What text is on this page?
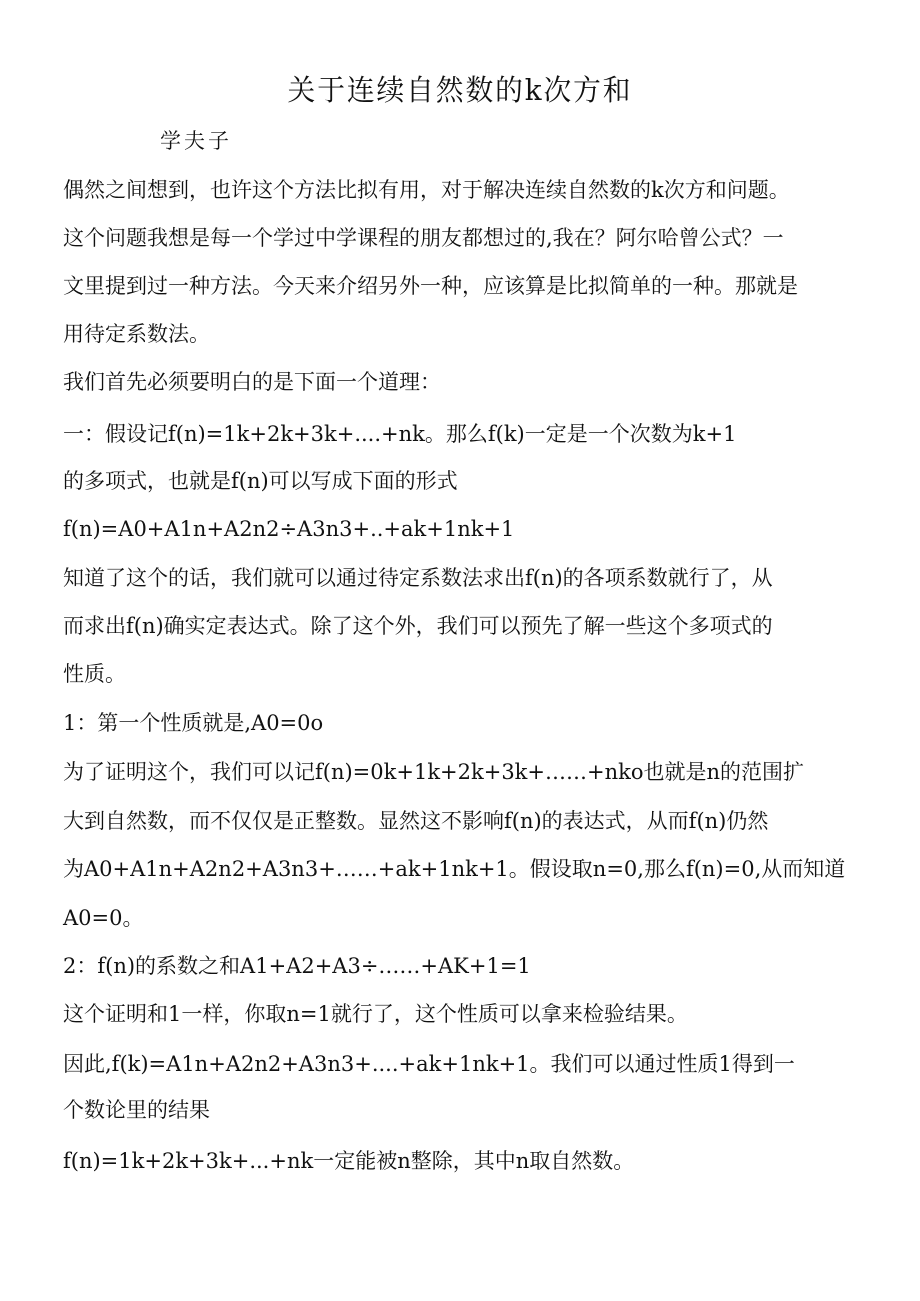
关于连续自然数的k次方和
学夫子
偶然之间想到，也许这个方法比拟有用，对于解决连续自然数的k次方和问题。
这个问题我想是每一个学过中学课程的朋友都想过的,我在？阿尔哈曾公式？一
文里提到过一种方法。今天来介绍另外一种，应该算是比拟简单的一种。那就是
用待定系数法。
我们首先必须要明白的是下面一个道理：
一：假设记f(n)=1k+2k+3k+....+nk。那么f(k)一定是一个次数为k+1
的多项式，也就是f(n)可以写成下面的形式
f(n)=A0+A1n+A2n2÷A3n3+..+ak+1nk+1
知道了这个的话，我们就可以通过待定系数法求出f(n)的各项系数就行了，从
而求出f(n)确实定表达式。除了这个外，我们可以预先了解一些这个多项式的
性质。
1：第一个性质就是,A0=0o
为了证明这个，我们可以记f(n)=0k+1k+2k+3k+……+nko也就是n的范围扩
大到自然数，而不仅仅是正整数。显然这不影响f(n)的表达式，从而f(n)仍然
为A0+A1n+A2n2+A3n3+……+ak+1nk+1。假设取n=0,那么f(n)=0,从而知道
A0=0。
2：f(n)的系数之和A1+A2+A3÷……+AK+1=1
这个证明和1一样，你取n=1就行了，这个性质可以拿来检验结果。
因此,f(k)=A1n+A2n2+A3n3+....+ak+1nk+1。我们可以通过性质1得到一
个数论里的结果
f(n)=1k+2k+3k+...+nk一定能被n整除，其中n取自然数。
